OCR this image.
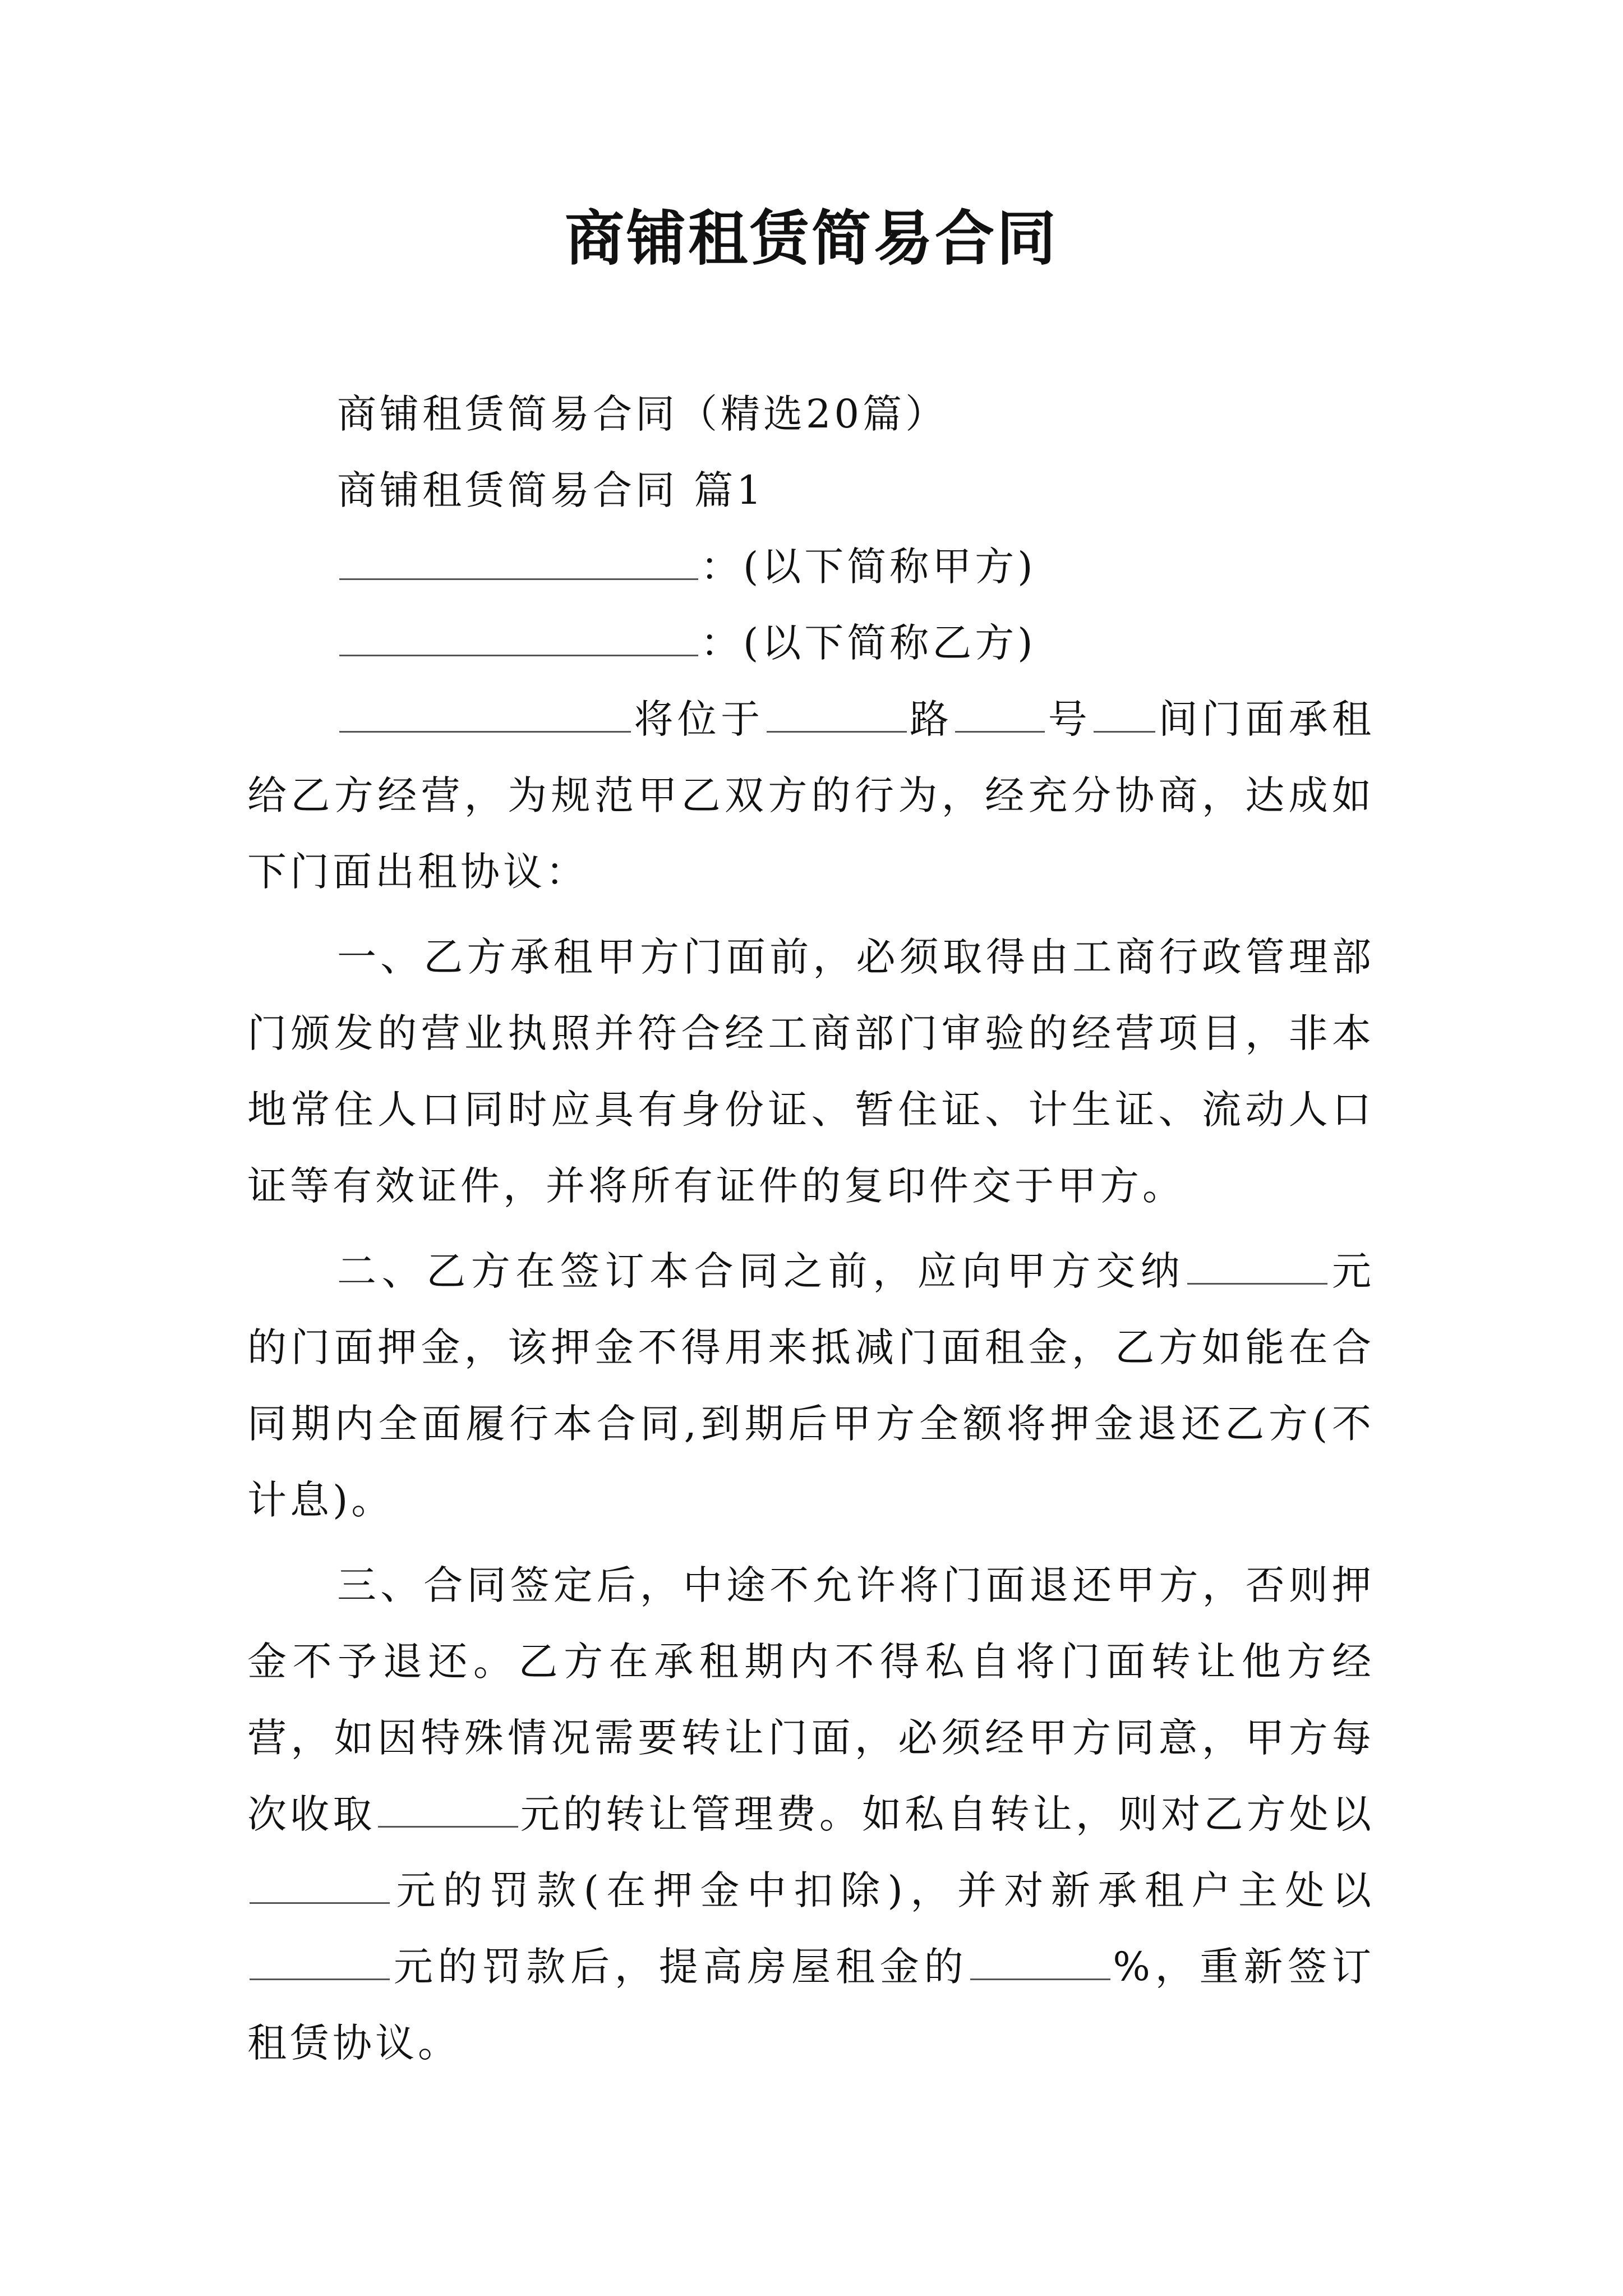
商铺租赁简易合同

商铺租赁简易合同（精选20篇）

商铺租赁简易合同 篇1

：(以下简称甲方)

：(以下简称乙方)

将位于	路 号 间门面承租给乙方经营，为规范甲乙双方的行为，经充分协商，达成如下门面出租协议：

一、乙方承租甲方门面前，必须取得由工商行政管理部门颁发的营业执照并符合经工商部门审验的经营项目，非本地常住人口同时应具有身份证、暂住证、计生证、流动人口证等有效证件，并将所有证件的复印件交于甲方。

二、乙方在签订本合同之前，应向甲方交纳	元的门面押金，该押金不得用来抵减门面租金，乙方如能在合同期内全面履行本合同,到期后甲方全额将押金退还乙方(不计息)。

三、合同签定后，中途不允许将门面退还甲方，否则押金不予退还。乙方在承租期内不得私自将门面转让他方经营，如因特殊情况需要转让门面，必须经甲方同意，甲方每次收取	元的转让管理费。如私自转让，则对乙方处以元的罚款(在押金中扣除)，并对新承租户主处以元的罚款后，提高房屋租金的	%，重新签订租赁协议。
